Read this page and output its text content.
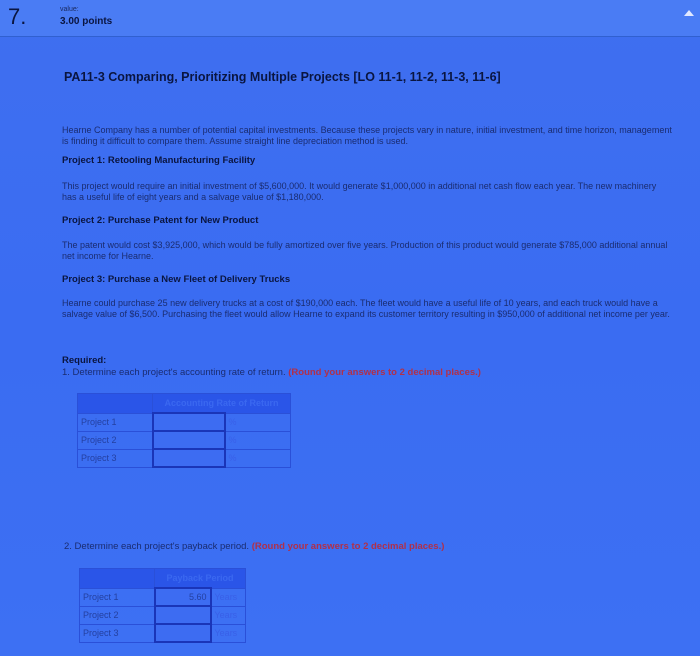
7.	value:
3.00 points
PA11-3 Comparing, Prioritizing Multiple Projects [LO 11-1, 11-2, 11-3, 11-6]
Hearne Company has a number of potential capital investments. Because these projects vary in nature, initial investment, and time horizon, management is finding it difficult to compare them. Assume straight line depreciation method is used.
Project 1: Retooling Manufacturing Facility
This project would require an initial investment of $5,600,000. It would generate $1,000,000 in additional net cash flow each year. The new machinery has a useful life of eight years and a salvage value of $1,180,000.
Project 2: Purchase Patent for New Product
The patent would cost $3,925,000, which would be fully amortized over five years. Production of this product would generate $785,000 additional annual net income for Hearne.
Project 3: Purchase a New Fleet of Delivery Trucks
Hearne could purchase 25 new delivery trucks at a cost of $190,000 each. The fleet would have a useful life of 10 years, and each truck would have a salvage value of $6,500. Purchasing the fleet would allow Hearne to expand its customer territory resulting in $950,000 of additional net income per year.
Required:
1. Determine each project's accounting rate of return. (Round your answers to 2 decimal places.)
	Accounting Rate of Return	
Project 1		%
Project 2		%
Project 3		%
2. Determine each project's payback period. (Round your answers to 2 decimal places.)
	Payback Period	
Project 1	5.60	Years
Project 2		Years
Project 3		Years
